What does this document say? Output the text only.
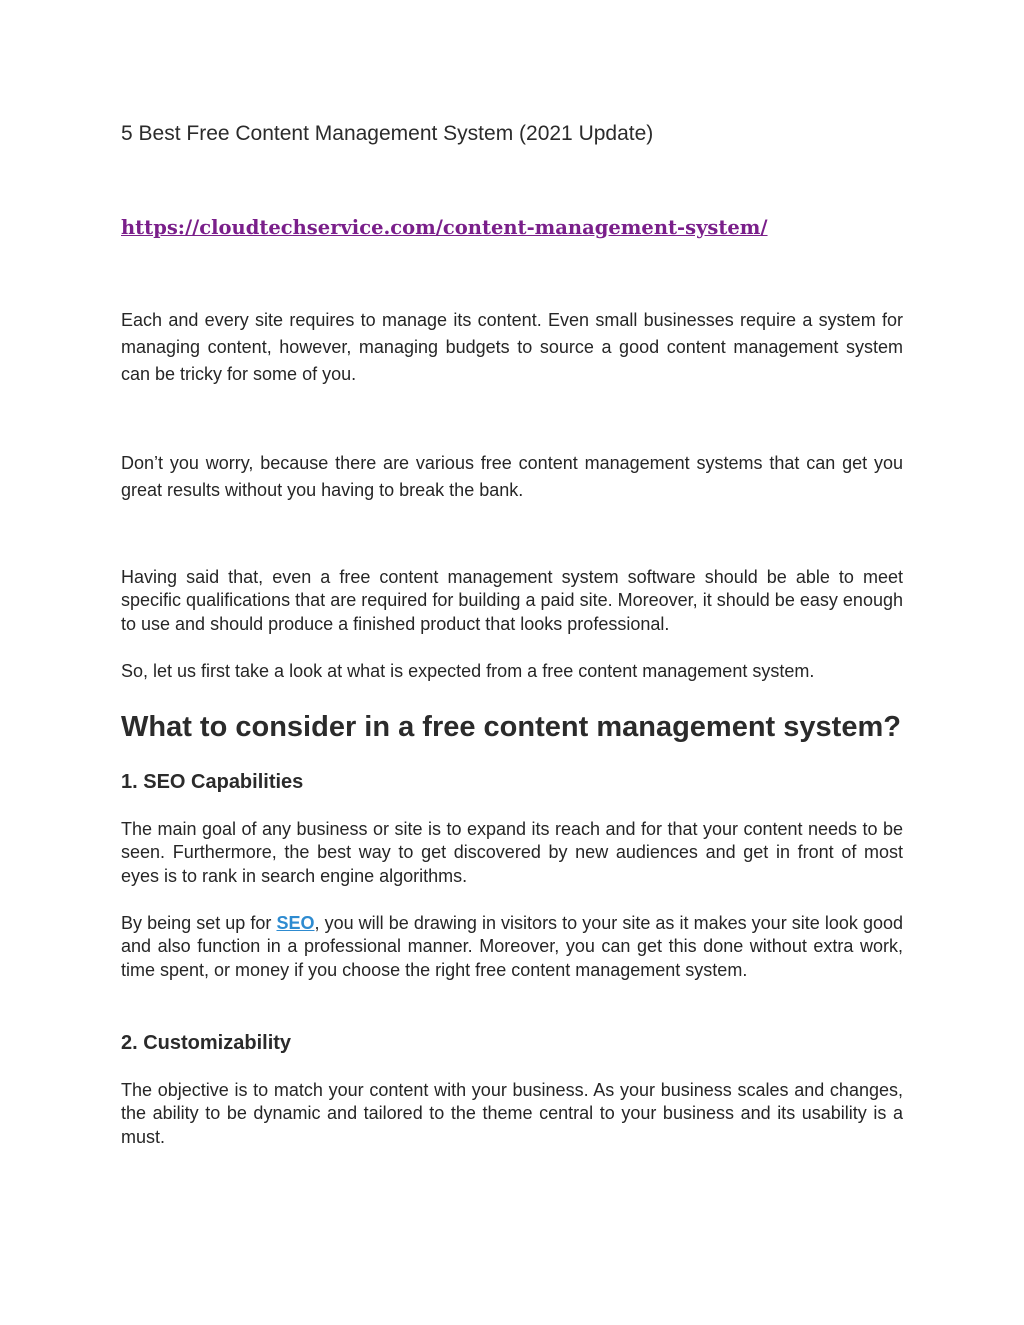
5 Best Free Content Management System (2021 Update)

https://cloudtechservice.com/content-management-system/

Each and every site requires to manage its content. Even small businesses require a system for managing content, however, managing budgets to source a good content management system can be tricky for some of you.

Don’t you worry, because there are various free content management systems that can get you great results without you having to break the bank.

Having said that, even a free content management system software should be able to meet specific qualifications that are required for building a paid site. Moreover, it should be easy enough to use and should produce a finished product that looks professional.

So, let us first take a look at what is expected from a free content management system.

What to consider in a free content management system?
1. SEO Capabilities

The main goal of any business or site is to expand its reach and for that your content needs to be seen. Furthermore, the best way to get discovered by new audiences and get in front of most eyes is to rank in search engine algorithms.

By being set up for SEO, you will be drawing in visitors to your site as it makes your site look good and also function in a professional manner. Moreover, you can get this done without extra work, time spent, or money if you choose the right free content management system.

2. Customizability

The objective is to match your content with your business. As your business scales and changes, the ability to be dynamic and tailored to the theme central to your business and its usability is a must.
